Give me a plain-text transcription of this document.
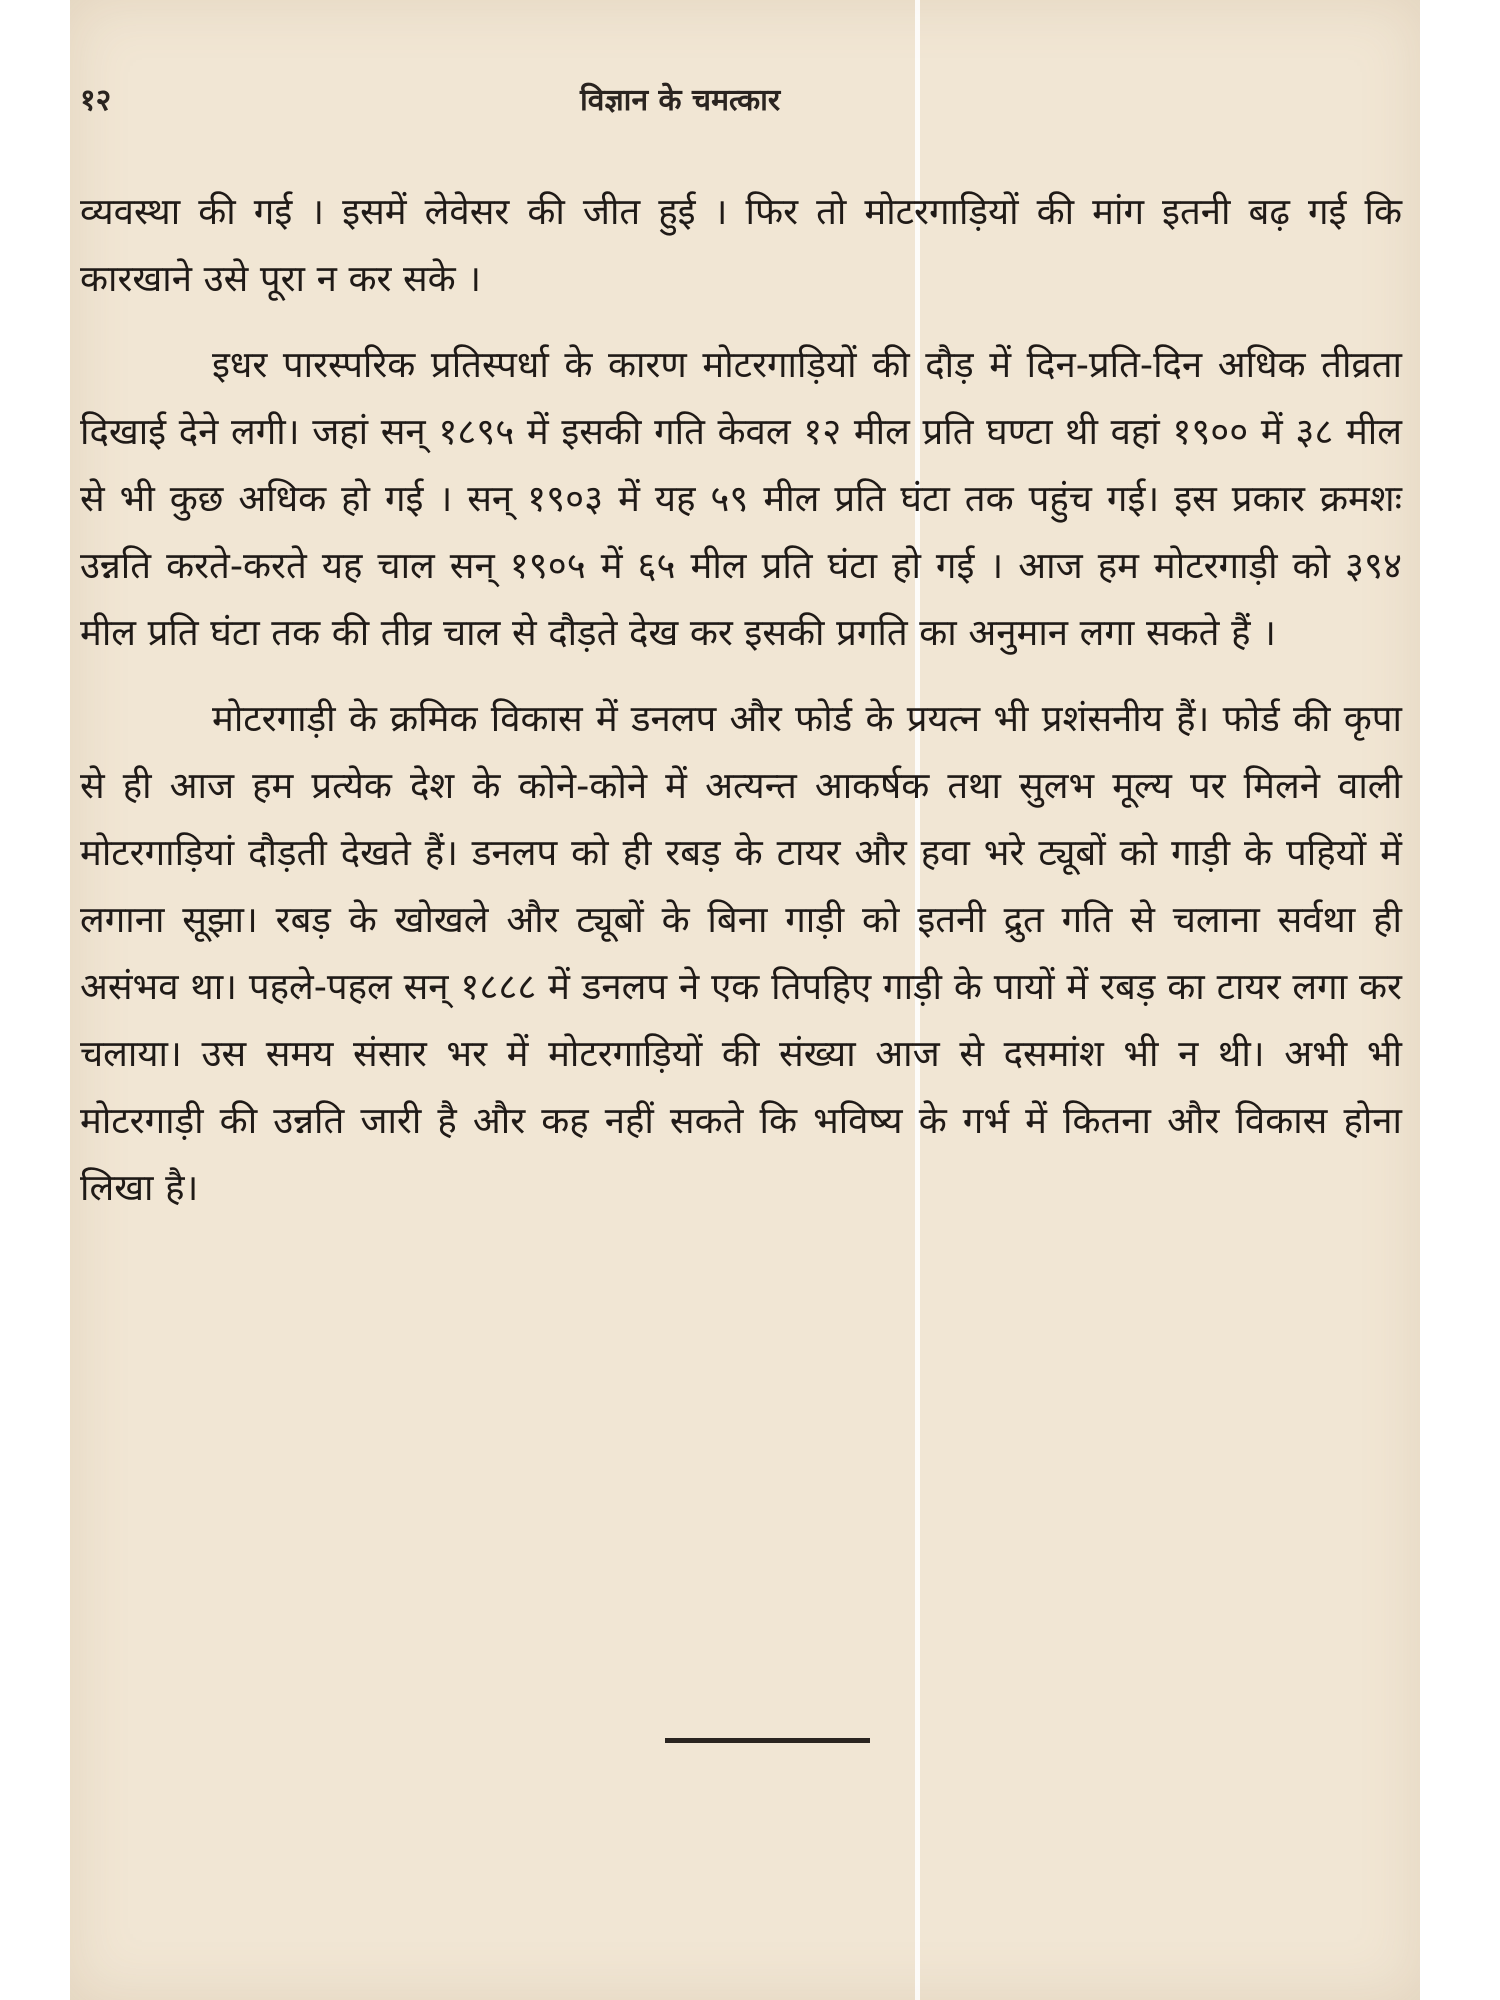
१२	विज्ञान के चमत्कार

व्यवस्था की गई । इसमें लेवेसर की जीत हुई । फिर तो मोटरगाड़ियों की मांग इतनी बढ़ गई कि कारखाने उसे पूरा न कर सके ।

इधर पारस्परिक प्रतिस्पर्धा के कारण मोटरगाड़ियों की दौड़ में दिन-प्रति-दिन अधिक तीव्रता दिखाई देने लगी। जहां सन् १८९५ में इसकी गति केवल १२ मील प्रति घण्टा थी वहां १९०० में ३८ मील से भी कुछ अधिक हो गई । सन् १९०३ में यह ५९ मील प्रति घंटा तक पहुंच गई। इस प्रकार क्रमशः उन्नति करते-करते यह चाल सन् १९०५ में ६५ मील प्रति घंटा हो गई । आज हम मोटरगाड़ी को ३९४ मील प्रति घंटा तक की तीव्र चाल से दौड़ते देख कर इसकी प्रगति का अनुमान लगा सकते हैं ।

मोटरगाड़ी के क्रमिक विकास में डनलप और फोर्ड के प्रयत्न भी प्रशंसनीय हैं। फोर्ड की कृपा से ही आज हम प्रत्येक देश के कोने-कोने में अत्यन्त आकर्षक तथा सुलभ मूल्य पर मिलने वाली मोटरगाड़ियां दौड़ती देखते हैं। डनलप को ही रबड़ के टायर और हवा भरे ट्यूबों को गाड़ी के पहियों में लगाना सूझा। रबड़ के खोखले और ट्यूबों के बिना गाड़ी को इतनी द्रुत गति से चलाना सर्वथा ही असंभव था। पहले-पहल सन् १८८८ में डनलप ने एक तिपहिए गाड़ी के पायों में रबड़ का टायर लगा कर चलाया। उस समय संसार भर में मोटरगाड़ियों की संख्या आज से दसमांश भी न थी। अभी भी मोटरगाड़ी की उन्नति जारी है और कह नहीं सकते कि भविष्य के गर्भ में कितना और विकास होना लिखा है।
